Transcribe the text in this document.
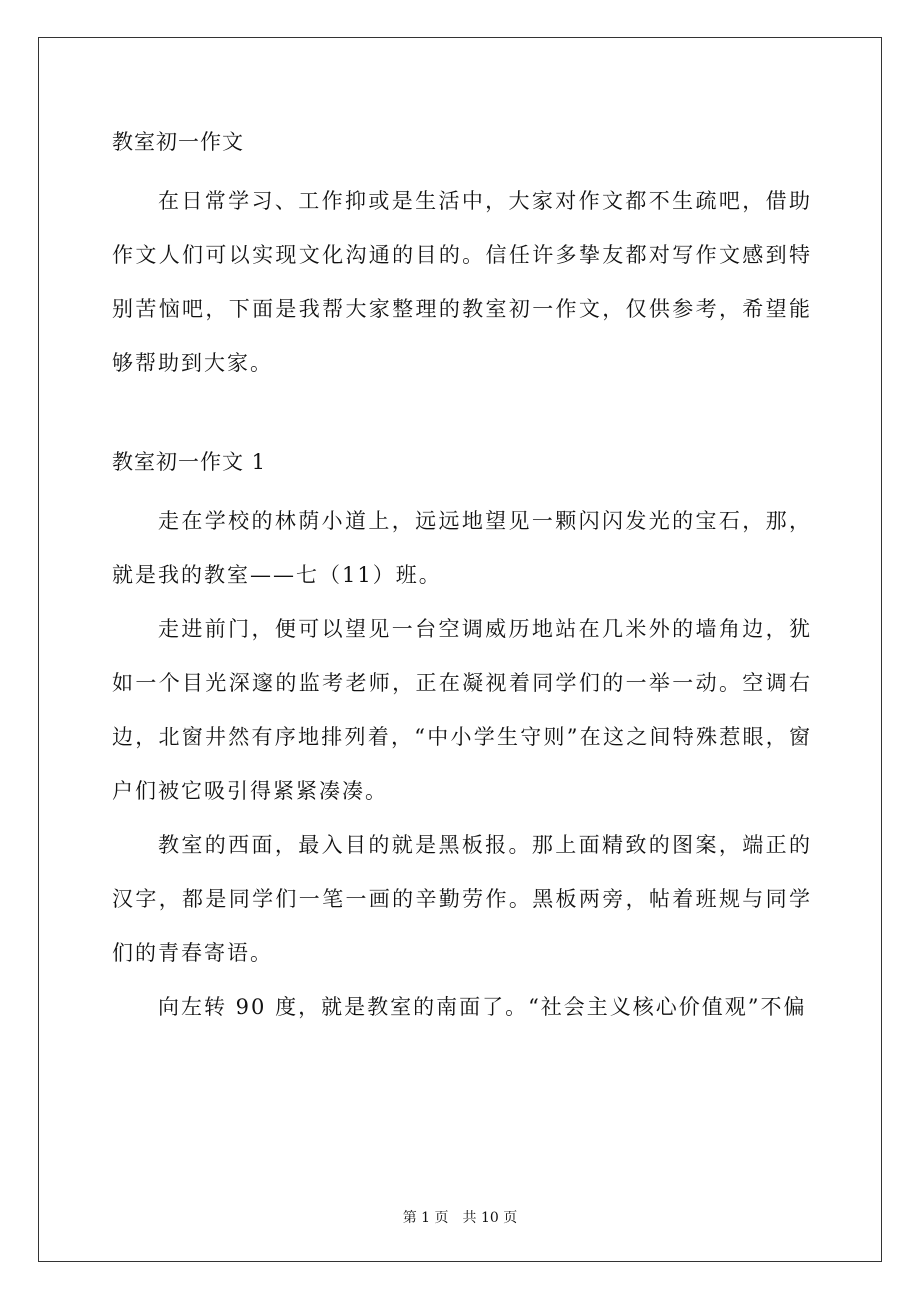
教室初一作文

在日常学习、工作抑或是生活中，大家对作文都不生疏吧，借助作文人们可以实现文化沟通的目的。信任许多挚友都对写作文感到特别苦恼吧，下面是我帮大家整理的教室初一作文，仅供参考，希望能够帮助到大家。

教室初一作文 1

走在学校的林荫小道上，远远地望见一颗闪闪发光的宝石，那，就是我的教室——七（11）班。

走进前门，便可以望见一台空调威历地站在几米外的墙角边，犹如一个目光深邃的监考老师，正在凝视着同学们的一举一动。空调右边，北窗井然有序地排列着，“中小学生守则”在这之间特殊惹眼，窗户们被它吸引得紧紧凑凑。

教室的西面，最入目的就是黑板报。那上面精致的图案，端正的汉字，都是同学们一笔一画的辛勤劳作。黑板两旁，帖着班规与同学们的青春寄语。

向左转 90 度，就是教室的南面了。“社会主义核心价值观”不偏

第 1 页　共 10 页
